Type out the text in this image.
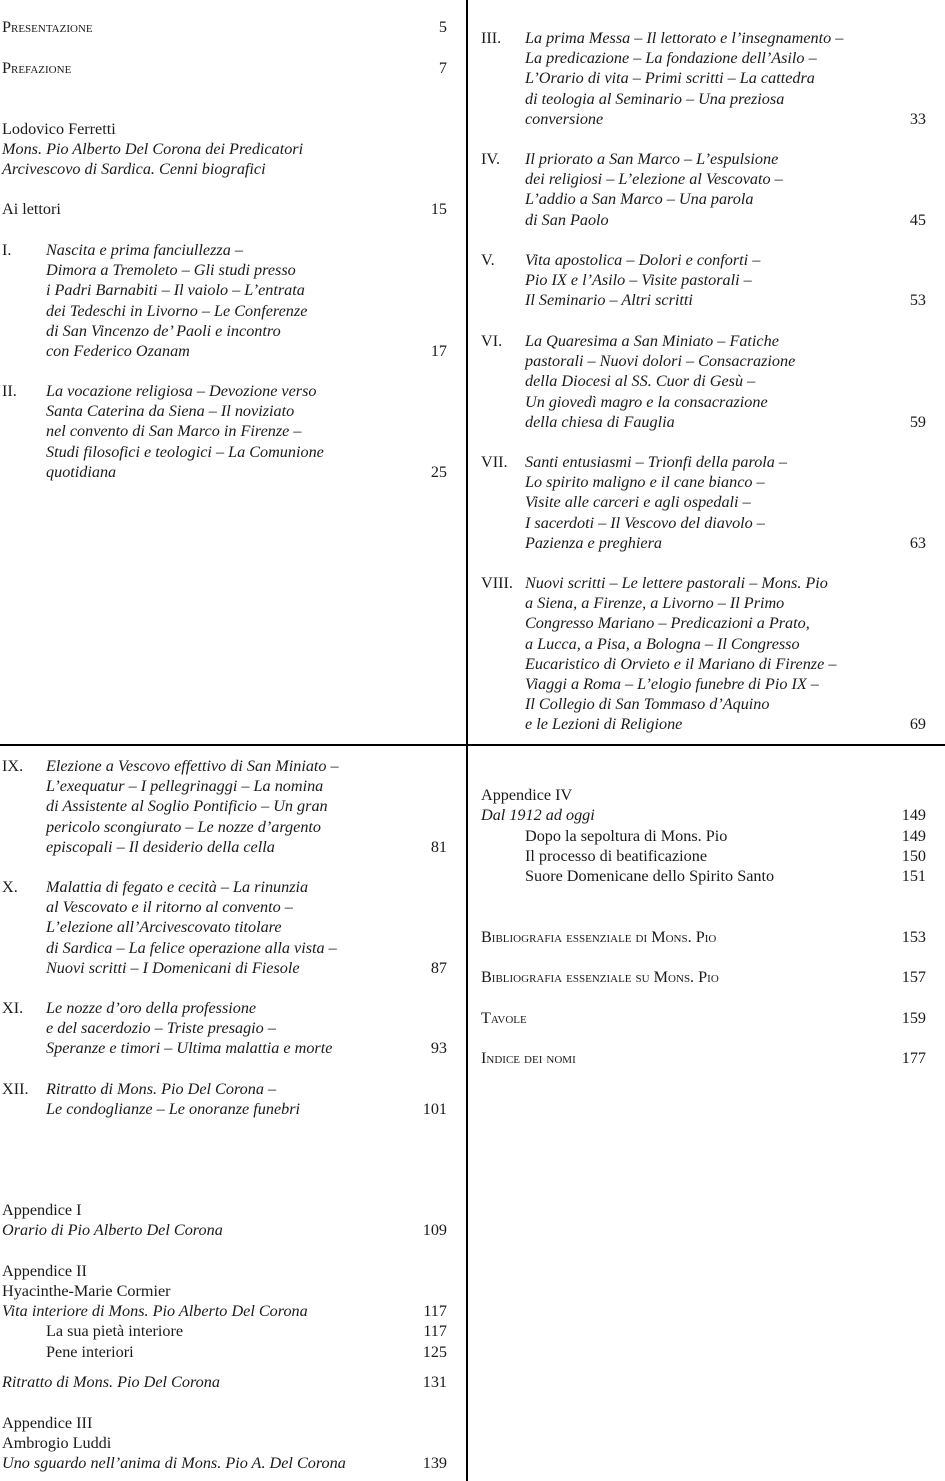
Presentazione	5
Prefazione	7
Lodovico Ferretti
Mons. Pio Alberto Del Corona dei Predicatori
Arcivescovo di Sardica. Cenni biografici
Ai lettori	15
I. Nascita e prima fanciullezza –
Dimora a Tremoleto – Gli studi presso
i Padri Barnabiti – Il vaiolo – L’entrata
dei Tedeschi in Livorno – Le Conferenze
di San Vincenzo de’ Paoli e incontro
con Federico Ozanam	17
II. La vocazione religiosa – Devozione verso
Santa Caterina da Siena – Il noviziato
nel convento di San Marco in Firenze –
Studi filosofici e teologici – La Comunione
quotidiana	25
III. La prima Messa – Il lettorato e l’insegnamento –
La predicazione – La fondazione dell’Asilo –
L’Orario di vita – Primi scritti – La cattedra
di teologia al Seminario – Una preziosa
conversione	33
IV. Il priorato a San Marco – L’espulsione
dei religiosi – L’elezione al Vescovato –
L’addio a San Marco – Una parola
di San Paolo	45
V. Vita apostolica – Dolori e conforti –
Pio IX e l’Asilo – Visite pastorali –
Il Seminario – Altri scritti	53
VI. La Quaresima a San Miniato – Fatiche
pastorali – Nuovi dolori – Consacrazione
della Diocesi al SS. Cuor di Gesù –
Un giovedì magro e la consacrazione
della chiesa di Fauglia	59
VII. Santi entusiasmi – Trionfi della parola –
Lo spirito maligno e il cane bianco –
Visite alle carceri e agli ospedali –
I sacerdoti – Il Vescovo del diavolo –
Pazienza e preghiera	63
VIII. Nuovi scritti – Le lettere pastorali – Mons. Pio
a Siena, a Firenze, a Livorno – Il Primo
Congresso Mariano – Predicazioni a Prato,
a Lucca, a Pisa, a Bologna – Il Congresso
Eucaristico di Orvieto e il Mariano di Firenze –
Viaggi a Roma – L’elogio funebre di Pio IX –
Il Collegio di San Tommaso d’Aquino
e le Lezioni di Religione	69
IX. Elezione a Vescovo effettivo di San Miniato –
L’exequatur – I pellegrinaggi – La nomina
di Assistente al Soglio Pontificio – Un gran
pericolo scongiurato – Le nozze d’argento
episcopali – Il desiderio della cella	81
X. Malattia di fegato e cecità – La rinunzia
al Vescovato e il ritorno al convento –
L’elezione all’Arcivescovato titolare
di Sardica – La felice operazione alla vista –
Nuovi scritti – I Domenicani di Fiesole	87
XI. Le nozze d’oro della professione
e del sacerdozio – Triste presagio –
Speranze e timori – Ultima malattia e morte	93
XII. Ritratto di Mons. Pio Del Corona –
Le condoglianze – Le onoranze funebri	101
Appendice I
Orario di Pio Alberto Del Corona	109
Appendice II
Hyacinthe-Marie Cormier
Vita interiore di Mons. Pio Alberto Del Corona	117
La sua pietà interiore	117
Pene interiori	125
Ritratto di Mons. Pio Del Corona	131
Appendice III
Ambrogio Luddi
Uno sguardo nell’anima di Mons. Pio A. Del Corona	139
Appendice IV
Dal 1912 ad oggi	149
Dopo la sepoltura di Mons. Pio	149
Il processo di beatificazione	150
Suore Domenicane dello Spirito Santo	151
Bibliografia essenziale di Mons. Pio	153
Bibliografia essenziale su Mons. Pio	157
Tavole	159
Indice dei nomi	177
